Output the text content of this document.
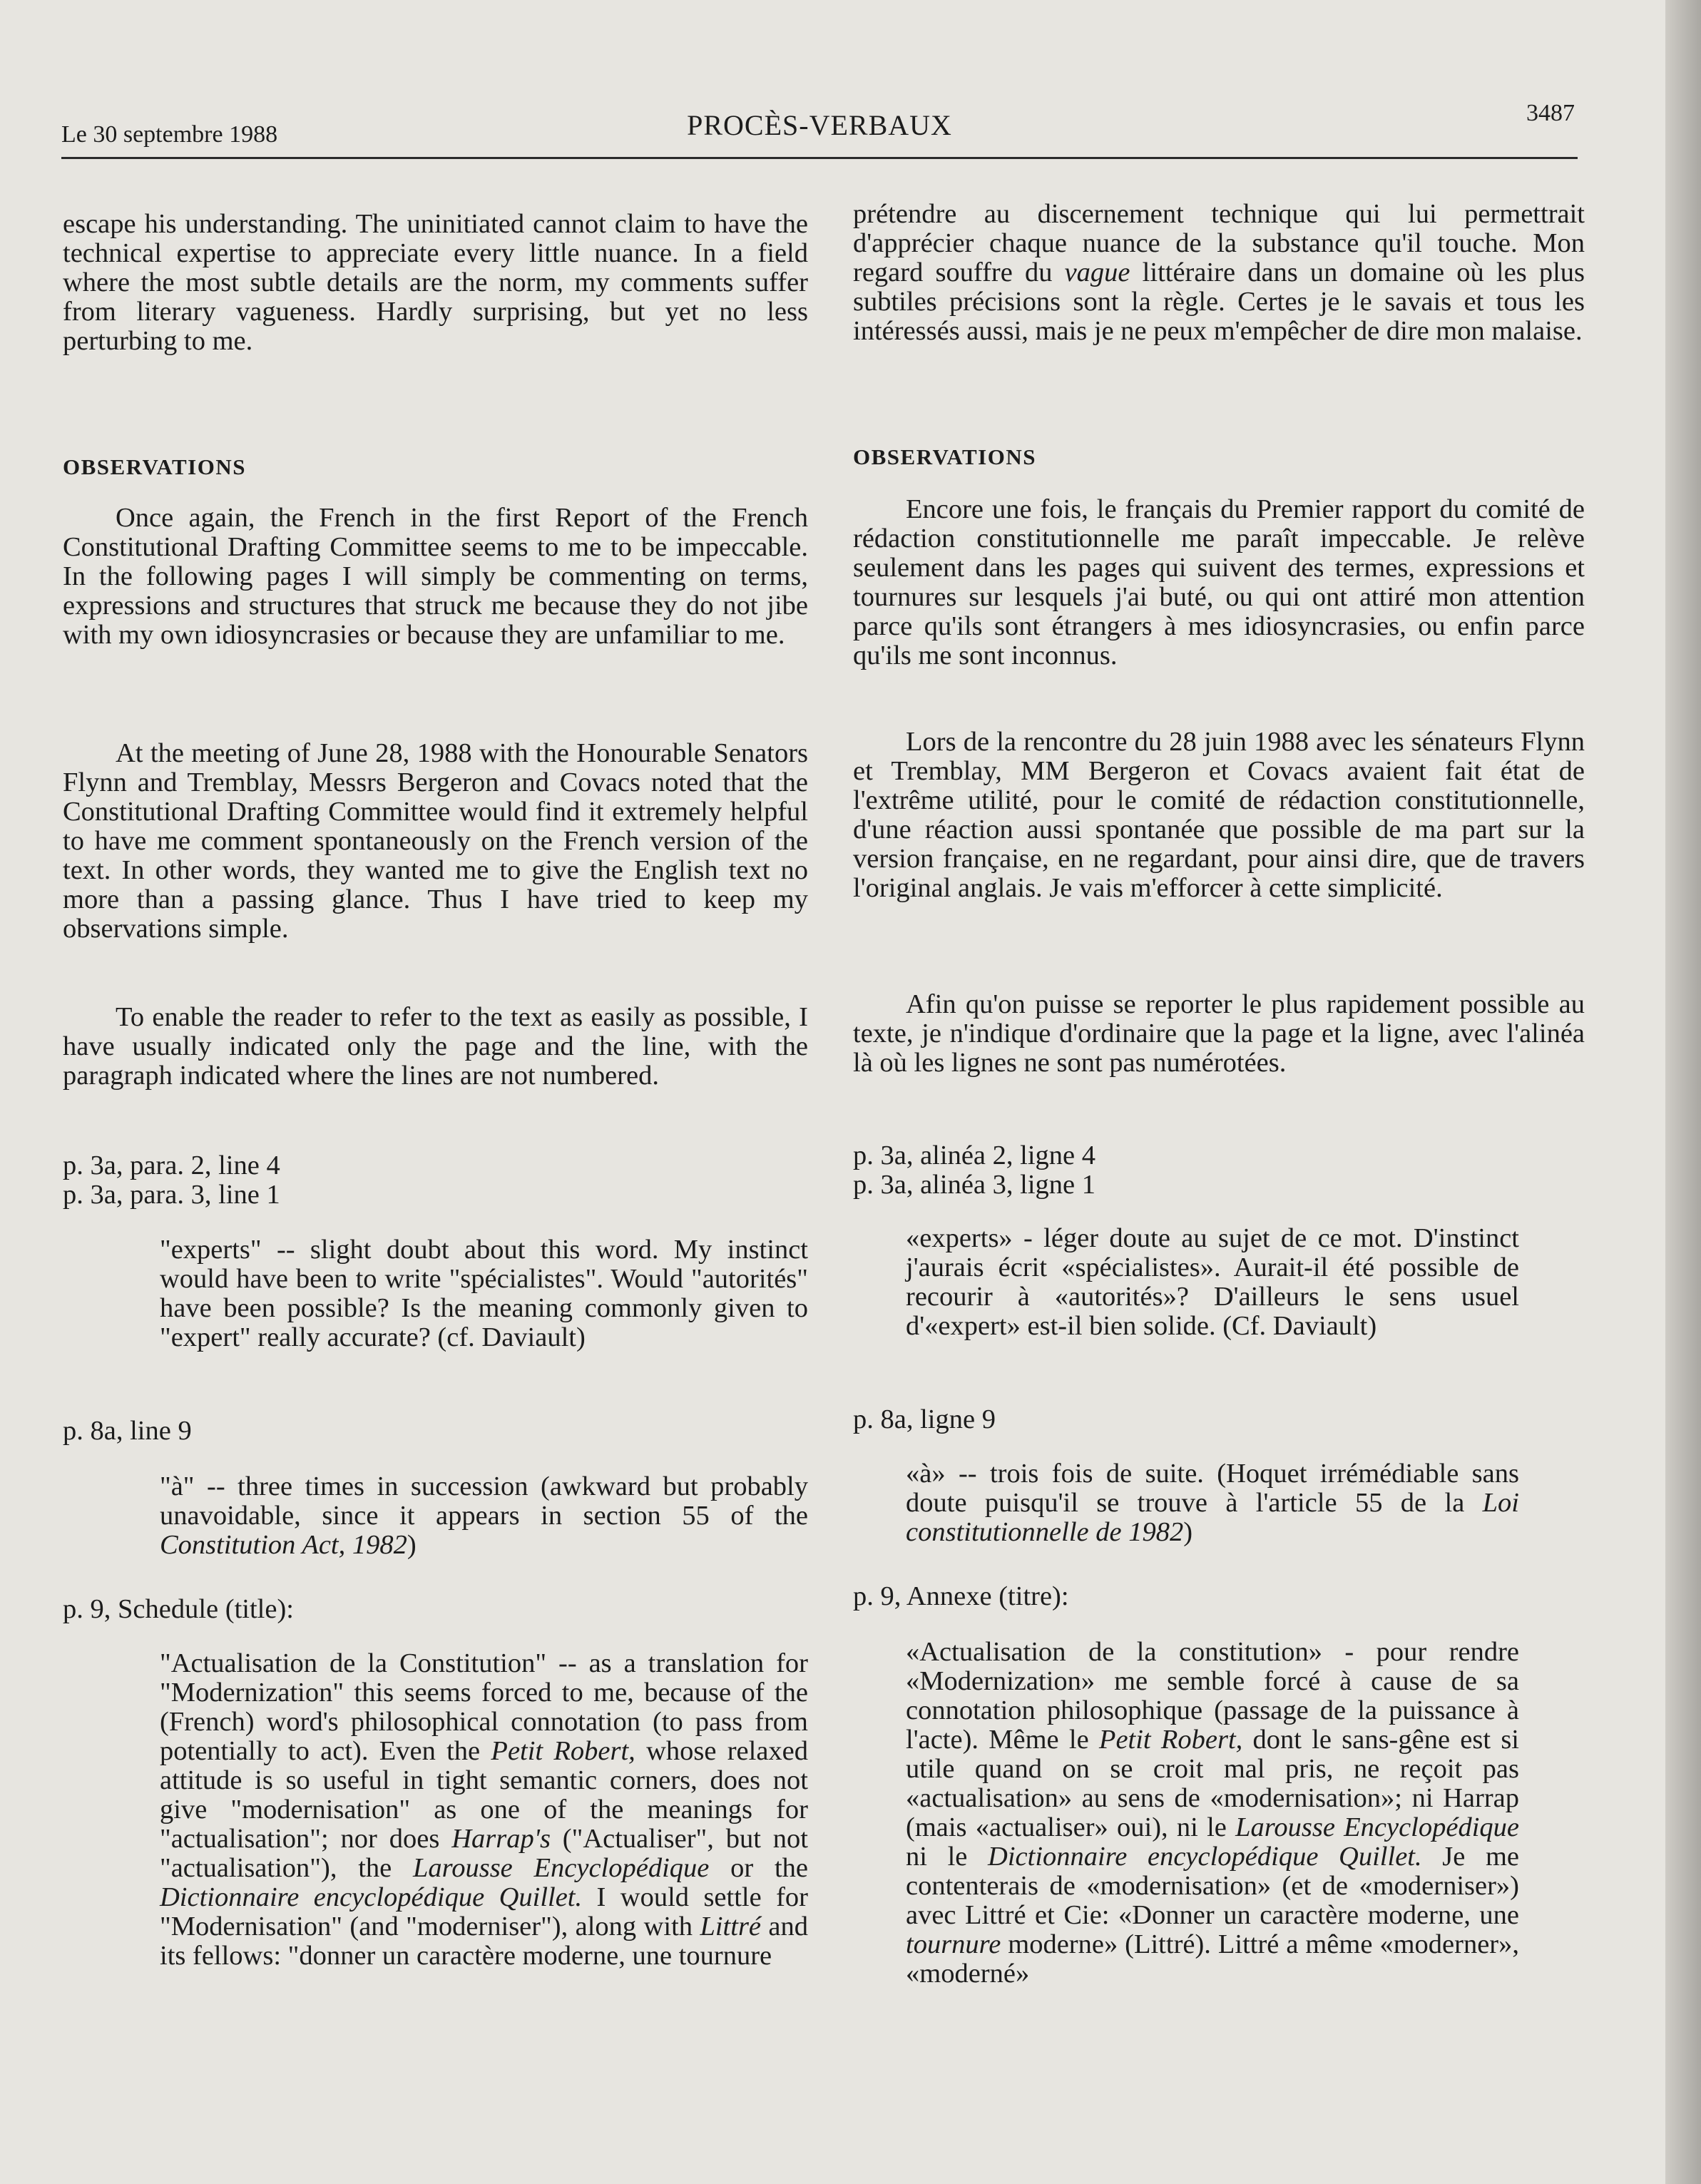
Le 30 septembre 1988	PROCÈS-VERBAUX	3487

escape his understanding. The uninitiated cannot claim to have the technical expertise to appreciate every little nuance. In a field where the most subtle details are the norm, my comments suffer from literary vagueness. Hardly surprising, but yet no less perturbing to me.

OBSERVATIONS

Once again, the French in the first Report of the French Constitutional Drafting Committee seems to me to be impeccable. In the following pages I will simply be commenting on terms, expressions and structures that struck me because they do not jibe with my own idiosyncrasies or because they are unfamiliar to me.

At the meeting of June 28, 1988 with the Honourable Senators Flynn and Tremblay, Messrs Bergeron and Covacs noted that the Constitutional Drafting Committee would find it extremely helpful to have me comment spontaneously on the French version of the text. In other words, they wanted me to give the English text no more than a passing glance. Thus I have tried to keep my observations simple.

To enable the reader to refer to the text as easily as possible, I have usually indicated only the page and the line, with the paragraph indicated where the lines are not numbered.

p. 3a, para. 2, line 4

p. 3a, para. 3, line 1

"experts" -- slight doubt about this word. My instinct would have been to write "spécialistes". Would "autorités" have been possible? Is the meaning commonly given to "expert" really accurate? (cf. Daviault)

p. 8a, line 9

"à" -- three times in succession (awkward but probably unavoidable, since it appears in section 55 of the Constitution Act, 1982)

p. 9, Schedule (title):

"Actualisation de la Constitution" -- as a translation for "Modernization" this seems forced to me, because of the (French) word's philosophical connotation (to pass from potentially to act). Even the Petit Robert, whose relaxed attitude is so useful in tight semantic corners, does not give "modernisation" as one of the meanings for "actualisation"; nor does Harrap's ("Actualiser", but not "actualisation"), the Larousse Encyclopédique or the Dictionnaire encyclopédique Quillet. I would settle for "Modernisation" (and "moderniser"), along with Littré and its fellows: "donner un caractère moderne, une tournure

prétendre au discernement technique qui lui permettrait d'apprécier chaque nuance de la substance qu'il touche. Mon regard souffre du vague littéraire dans un domaine où les plus subtiles précisions sont la règle. Certes je le savais et tous les intéressés aussi, mais je ne peux m'empêcher de dire mon malaise.

OBSERVATIONS

Encore une fois, le français du Premier rapport du comité de rédaction constitutionnelle me paraît impeccable. Je relève seulement dans les pages qui suivent des termes, expressions et tournures sur lesquels j'ai buté, ou qui ont attiré mon attention parce qu'ils sont étrangers à mes idiosyncrasies, ou enfin parce qu'ils me sont inconnus.

Lors de la rencontre du 28 juin 1988 avec les sénateurs Flynn et Tremblay, MM Bergeron et Covacs avaient fait état de l'extrême utilité, pour le comité de rédaction constitutionnelle, d'une réaction aussi spontanée que possible de ma part sur la version française, en ne regardant, pour ainsi dire, que de travers l'original anglais. Je vais m'efforcer à cette simplicité.

Afin qu'on puisse se reporter le plus rapidement possible au texte, je n'indique d'ordinaire que la page et la ligne, avec l'alinéa là où les lignes ne sont pas numérotées.

p. 3a, alinéa 2, ligne 4

p. 3a, alinéa 3, ligne 1

«experts» - léger doute au sujet de ce mot. D'instinct j'aurais écrit «spécialistes». Aurait-il été possible de recourir à «autorités»? D'ailleurs le sens usuel d'«expert» est-il bien solide. (Cf. Daviault)

p. 8a, ligne 9

«à» -- trois fois de suite. (Hoquet irrémédiable sans doute puisqu'il se trouve à l'article 55 de la Loi constitutionnelle de 1982)

p. 9, Annexe (titre):

«Actualisation de la constitution» - pour rendre «Modernization» me semble forcé à cause de sa connotation philosophique (passage de la puissance à l'acte). Même le Petit Robert, dont le sans-gêne est si utile quand on se croit mal pris, ne reçoit pas «actualisation» au sens de «modernisation»; ni Harrap (mais «actualiser» oui), ni le Larousse Encyclopédique ni le Dictionnaire encyclopédique Quillet. Je me contenterais de «modernisation» (et de «moderniser») avec Littré et Cie: «Donner un caractère moderne, une tournure moderne» (Littré). Littré a même «moderner», «moderné»
